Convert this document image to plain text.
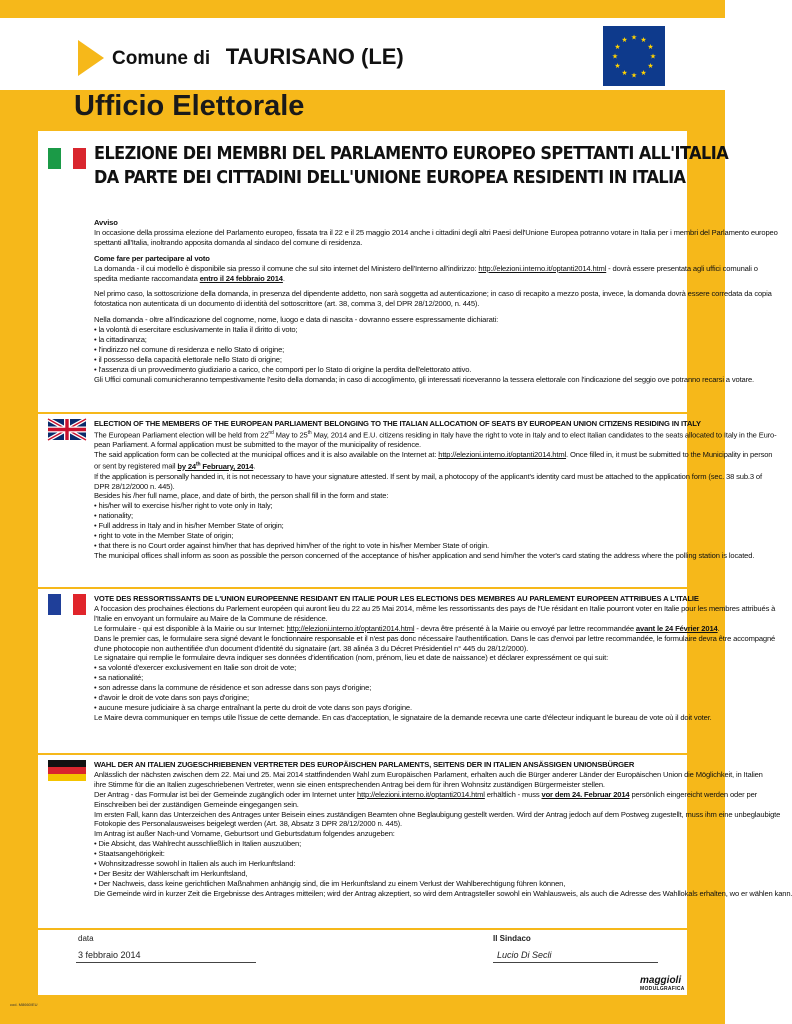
Comune di TAURISANO (LE)
★ ★
★
★
★
★
★
★
★
★
★
★
Ufficio Elettorale
ELEZIONE DEI MEMBRI DEL PARLAMENTO EUROPEO SPETTANTI ALL'ITALIA
DA PARTE DEI CITTADINI DELL'UNIONE EUROPEA RESIDENTI IN ITALIA

Avviso

In occasione della prossima elezione del Parlamento europeo, fissata tra il 22 e il 25 maggio 2014 anche i cittadini degli altri Paesi dell'Unione Europea potranno votare in Italia per i membri del Parlamento europeo

spettanti all'Italia, inoltrando apposita domanda al sindaco del comune di residenza.

Come fare per partecipare al voto

La domanda - il cui modello è disponibile sia presso il comune che sul sito internet del Ministero dell'Interno all'indirizzo: http://elezioni.interno.it/optanti2014.html - dovrà essere presentata agli uffici comunali o

spedita mediante raccomandata entro il 24 febbraio 2014.

Nel primo caso, la sottoscrizione della domanda, in presenza del dipendente addetto, non sarà soggetta ad autenticazione; in caso di recapito a mezzo posta, invece, la domanda dovrà essere corredata da copia

fotostatica non autenticata di un documento di identità del sottoscrittore (art. 38, comma 3, del DPR 28/12/2000, n. 445).

Nella domanda - oltre all'indicazione del cognome, nome, luogo e data di nascita - dovranno essere espressamente dichiarati:

• la volontà di esercitare esclusivamente in Italia il diritto di voto;

• la cittadinanza;

• l'indirizzo nel comune di residenza e nello Stato di origine;

• il possesso della capacità elettorale nello Stato di origine;

• l'assenza di un provvedimento giudiziario a carico, che comporti per lo Stato di origine la perdita dell'elettorato attivo.

Gli Uffici comunali comunicheranno tempestivamente l'esito della domanda; in caso di accoglimento, gli interessati riceveranno la tessera elettorale con l'indicazione del seggio ove potranno recarsi a votare.

ELECTION OF THE MEMBERS OF THE EUROPEAN PARLIAMENT BELONGING TO THE ITALIAN ALLOCATION OF SEATS BY EUROPEAN UNION CITIZENS RESIDING IN ITALY

The European Parliament election will be held from 22nd May to 25th May, 2014 and E.U. citizens residing in Italy have the right to vote in Italy and to elect Italian candidates to the seats allocated to Italy in the Euro-

pean Parliament. A formal application must be submitted to the mayor of the municipality of residence.

The said application form can be collected at the municipal offices and it is also available on the Internet at: http://elezioni.interno.it/optanti2014.html. Once filled in, it must be submitted to the Municipality in person

or sent by registered mail by 24th February, 2014.

If the application is personally handed in, it is not necessary to have your signature attested. If sent by mail, a photocopy of the applicant's identity card must be attached to the application form (sec. 38 sub.3 of

DPR 28/12/2000 n. 445).

Besides his /her full name, place, and date of birth, the person shall fill in the form and state:

• his/her will to exercise his/her right to vote only in Italy;

• nationality;

• Full address in Italy and in his/her Member State of origin;

• right to vote in the Member State of origin;

• that there is no Court order against him/her that has deprived him/her of the right to vote in his/her Member State of origin.

The municipal offices shall inform as soon as possible the person concerned of the acceptance of his/her application and send him/her the voter's card stating the address where the polling station is located.

VOTE DES RESSORTISSANTS DE L'UNION EUROPEENNE RESIDANT EN ITALIE POUR LES ELECTIONS DES MEMBRES AU PARLEMENT EUROPEEN ATTRIBUES A L'ITALIE

A l'occasion des prochaines élections du Parlement européen qui auront lieu du 22 au 25 Mai 2014, même les ressortissants des pays de l'Ue résidant en Italie pourront voter en Italie pour les membres attribués à

l'Italie en envoyant un formulaire au Maire de la Commune de résidence.

Le formulaire - qui est disponible à la Mairie ou sur Internet: http://elezioni.interno.it/optanti2014.html - devra être présenté à la Mairie ou envoyé par lettre recommandée avant le 24 Février 2014.

Dans le premier cas, le formulaire sera signé devant le fonctionnaire responsable et il n'est pas donc nécessaire l'authentification. Dans le cas d'envoi par lettre recommandée, le formulaire devra être accompagné

d'une photocopie non authentifiée d'un document d'identité du signataire (art. 38 alinéa 3 du Décret Présidentiel n° 445 du 28/12/2000).

Le signataire qui remplie le formulaire devra indiquer ses données d'identification (nom, prénom, lieu et date de naissance) et déclarer expressément ce qui suit:

• sa volonté d'exercer exclusivement en Italie son droit de vote;

• sa nationalité;

• son adresse dans la commune de résidence et son adresse dans son pays d'origine;

• d'avoir le droit de vote dans son pays d'origine;

• aucune mesure judiciaire à sa charge entraînant la perte du droit de vote dans son pays d'origine.

Le Maire devra communiquer en temps utile l'issue de cette demande. En cas d'acceptation, le signataire de la demande recevra une carte d'électeur indiquant le bureau de vote où il doit voter.

WAHL DER AN ITALIEN ZUGESCHRIEBENEN VERTRETER DES EUROPÄISCHEN PARLAMENTS, SEITENS DER IN ITALIEN ANSÄSSIGEN UNIONSBÜRGER

Anlässlich der nächsten zwischen dem 22. Mai und 25. Mai 2014 stattfindenden Wahl zum Europäischen Parlament, erhalten auch die Bürger anderer Länder der Europäischen Union die Möglichkeit, in Italien

ihre Stimme für die an Italien zugeschriebenen Vertreter, wenn sie einen entsprechenden Antrag bei dem für ihren Wohnsitz zuständigen Bürgermeister stellen.

Der Antrag - das Formular ist bei der Gemeinde zugänglich oder im Internet unter http://elezioni.interno.it/optanti2014.html erhältlich - muss vor dem 24. Februar 2014 persönlich eingereicht werden oder per

Einschreiben bei der zuständigen Gemeinde eingegangen sein.

Im ersten Fall, kann das Unterzeichen des Antrages unter Beisein eines zuständigen Beamten ohne Beglaubigung gestellt werden. Wird der Antrag jedoch auf dem Postweg zugestellt, muss ihm eine unbeglaubigte

Fotokopie des Personalausweises beigelegt werden (Art. 38, Absatz 3 DPR 28/12/2000 n. 445).

Im Antrag ist außer Nach-und Vorname, Geburtsort und Geburtsdatum folgendes anzugeben:

• Die Absicht, das Wahlrecht ausschließlich in Italien auszuüben;

• Staatsangehörigkeit:

• Wohnsitzadresse sowohl in Italien als auch im Herkunftsland:

• Der Besitz der Wählerschaft im Herkunftsland,

• Der Nachweis, dass keine gerichtlichen Maßnahmen anhängig sind, die im Herkunftsland zu einem Verlust der Wahlberechtigung führen können,

Die Gemeinde wird in kurzer Zeit die Ergebnisse des Antrages mitteilen; wird der Antrag akzeptiert, so wird dem Antragsteller sowohl ein Wahlausweis, als auch die Adresse des Wahllokals erhalten, wo er wählen kann.

data
3 febbraio 2014
Il Sindaco
Lucio Di Secli
maggioli
MODULGRAFICA
cod. M8660/EU
